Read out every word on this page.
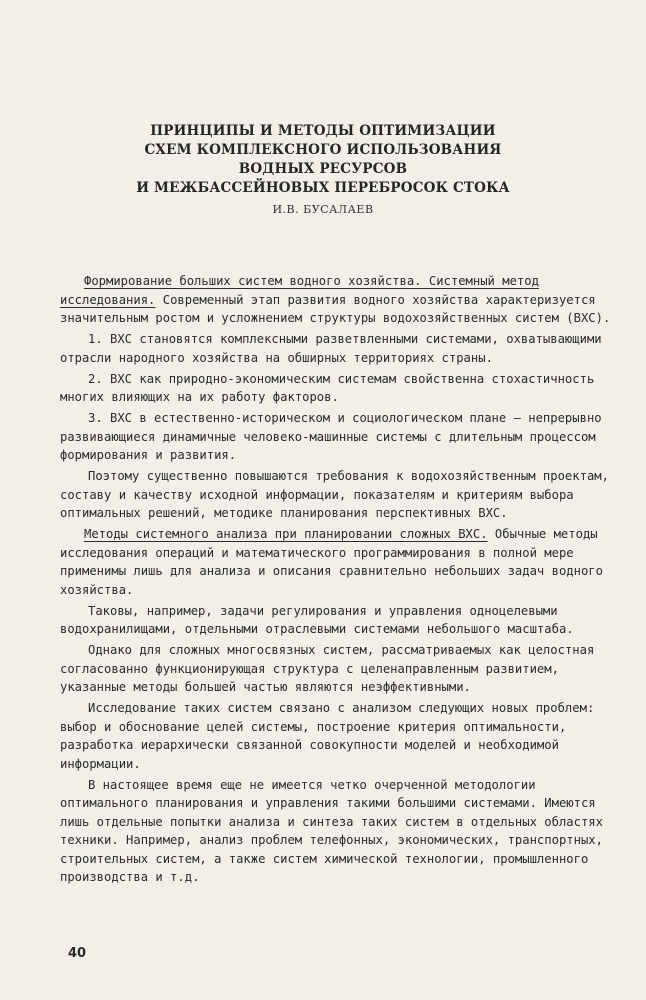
ПРИНЦИПЫ И МЕТОДЫ ОПТИМИЗАЦИИ
СХЕМ КОМПЛЕКСНОГО ИСПОЛЬЗОВАНИЯ
ВОДНЫХ РЕСУРСОВ
И МЕЖБАССЕЙНОВЫХ ПЕРЕБРОСОК СТОКА
И.В. БУСАЛАЕВ

Формирование больших систем водного хозяйства. Системный метод исследования. Современный этап развития водного хозяйства характеризуется значительным ростом и усложнением структуры водохозяйственных систем (ВХС).

1. ВХС становятся комплексными разветвленными системами, охватывающими отрасли народного хозяйства на обширных территориях страны.

2. ВХС как природно-экономическим системам свойственна стохастичность многих влияющих на их работу факторов.

3. ВХС в естественно-историческом и социологическом плане – непрерывно развивающиеся динамичные человеко-машинные системы с длительным процессом формирования и развития.

Поэтому существенно повышаются требования к водохозяйственным проектам, составу и качеству исходной информации, показателям и критериям выбора оптимальных решений, методике планирования перспективных ВХС.

Методы системного анализа при планировании сложных ВХС. Обычные методы исследования операций и математического программирования в полной мере применимы лишь для анализа и описания сравнительно небольших задач водного хозяйства.

Таковы, например, задачи регулирования и управления одноцелевыми водохранилищами, отдельными отраслевыми системами небольшого масштаба.

Однако для сложных многосвязных систем, рассматриваемых как целостная согласованно функционирующая структура с целенаправленным развитием, указанные методы большей частью являются неэффективными.

Исследование таких систем связано с анализом следующих новых проблем: выбор и обоснование целей системы, построение критерия оптимальности, разработка иерархически связанной совокупности моделей и необходимой информации.

В настоящее время еще не имеется четко очерченной методологии оптимального планирования и управления такими большими системами. Имеются лишь отдельные попытки анализа и синтеза таких систем в отдельных областях техники. Например, анализ проблем телефонных, экономических, транспортных, строительных систем, а также систем химической технологии, промышленного производства и т.д.

40
